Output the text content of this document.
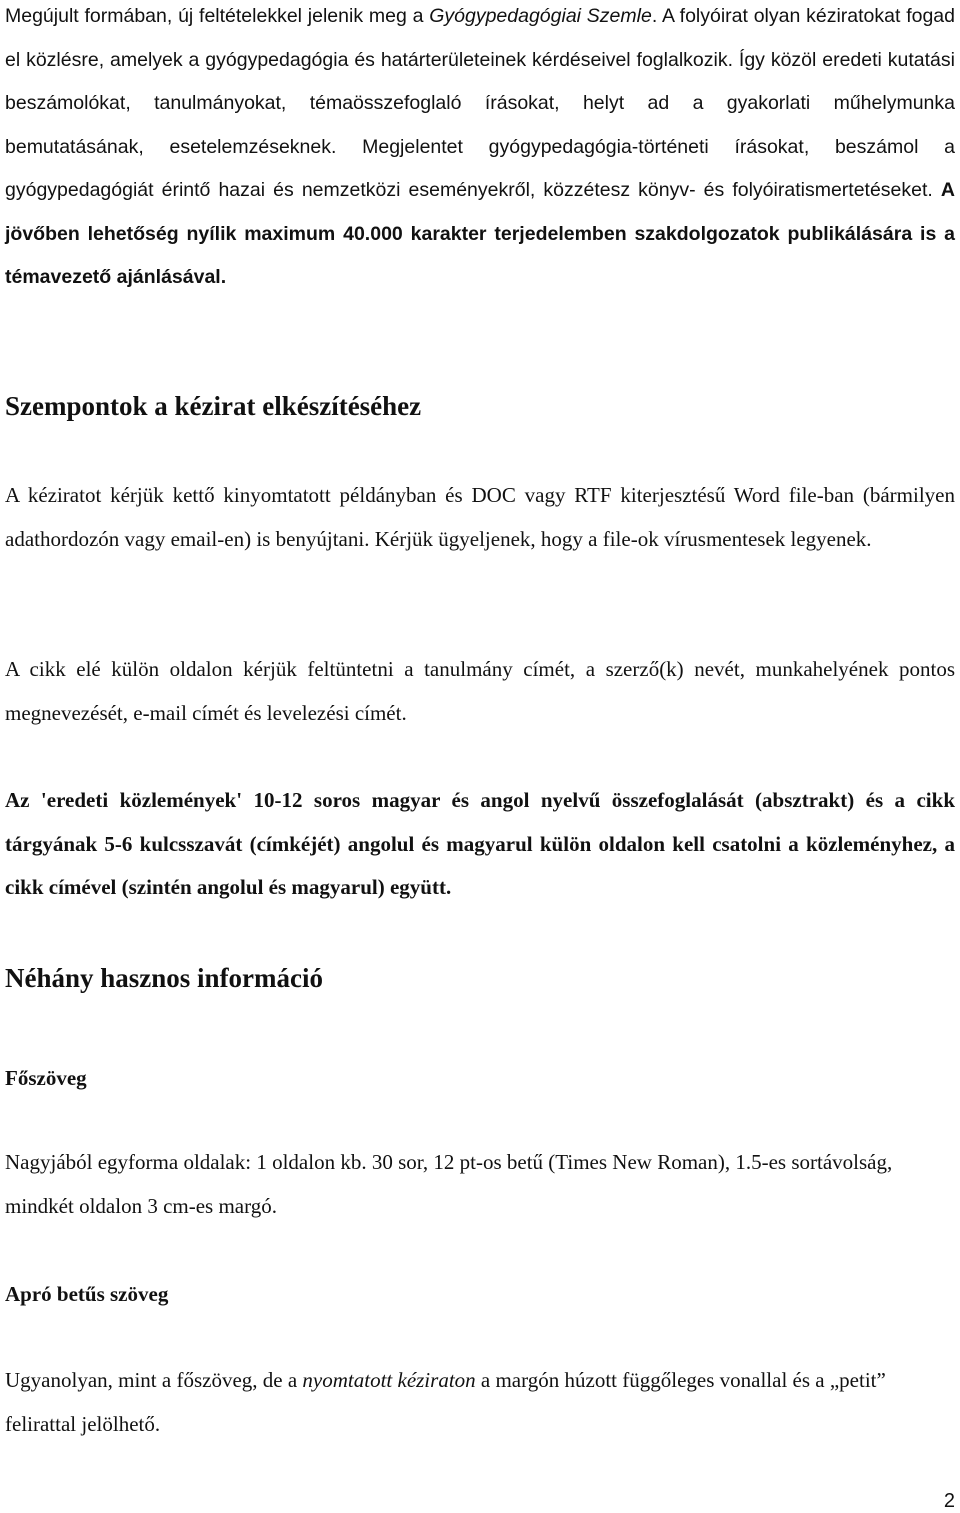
Megújult formában, új feltételekkel jelenik meg a Gyógypedagógiai Szemle. A folyóirat olyan kéziratokat fogad el közlésre, amelyek a gyógypedagógia és határterületeinek kérdéseivel foglalkozik. Így közöl eredeti kutatási beszámolókat, tanulmányokat, témaösszefoglaló írásokat, helyt ad a gyakorlati műhelymunka bemutatásának, esetelemzéseknek. Megjelentet gyógypedagógia-történeti írásokat, beszámol a gyógypedagógiát érintő hazai és nemzetközi eseményekről, közzétesz könyv- és folyóiratismertetéseket. A jövőben lehetőség nyílik maximum 40.000 karakter terjedelemben szakdolgozatok publikálására is a témavezető ajánlásával.

Szempontok a kézirat elkészítéséhez

A kéziratot kérjük kettő kinyomtatott példányban és DOC vagy RTF kiterjesztésű Word file-ban (bármilyen adathordozón vagy email-en) is benyújtani. Kérjük ügyeljenek, hogy a file-ok vírusmentesek legyenek.

A cikk elé külön oldalon kérjük feltüntetni a tanulmány címét, a szerző(k) nevét, munkahelyének pontos megnevezését, e-mail címét és levelezési címét.

Az 'eredeti közlemények' 10-12 soros magyar és angol nyelvű összefoglalását (absztrakt) és a cikk tárgyának 5-6 kulcsszavát (címkéjét) angolul és magyarul külön oldalon kell csatolni a közleményhez, a cikk címével (szintén angolul és magyarul) együtt.

Néhány hasznos információ
Főszöveg

Nagyjából egyforma oldalak: 1 oldalon kb. 30 sor, 12 pt-os betű (Times New Roman), 1.5-es sortávolság, mindkét oldalon 3 cm-es margó.

Apró betűs szöveg

Ugyanolyan, mint a főszöveg, de a nyomtatott kéziraton a margón húzott függőleges vonallal és a „petit” felirattal jelölhető.

2
